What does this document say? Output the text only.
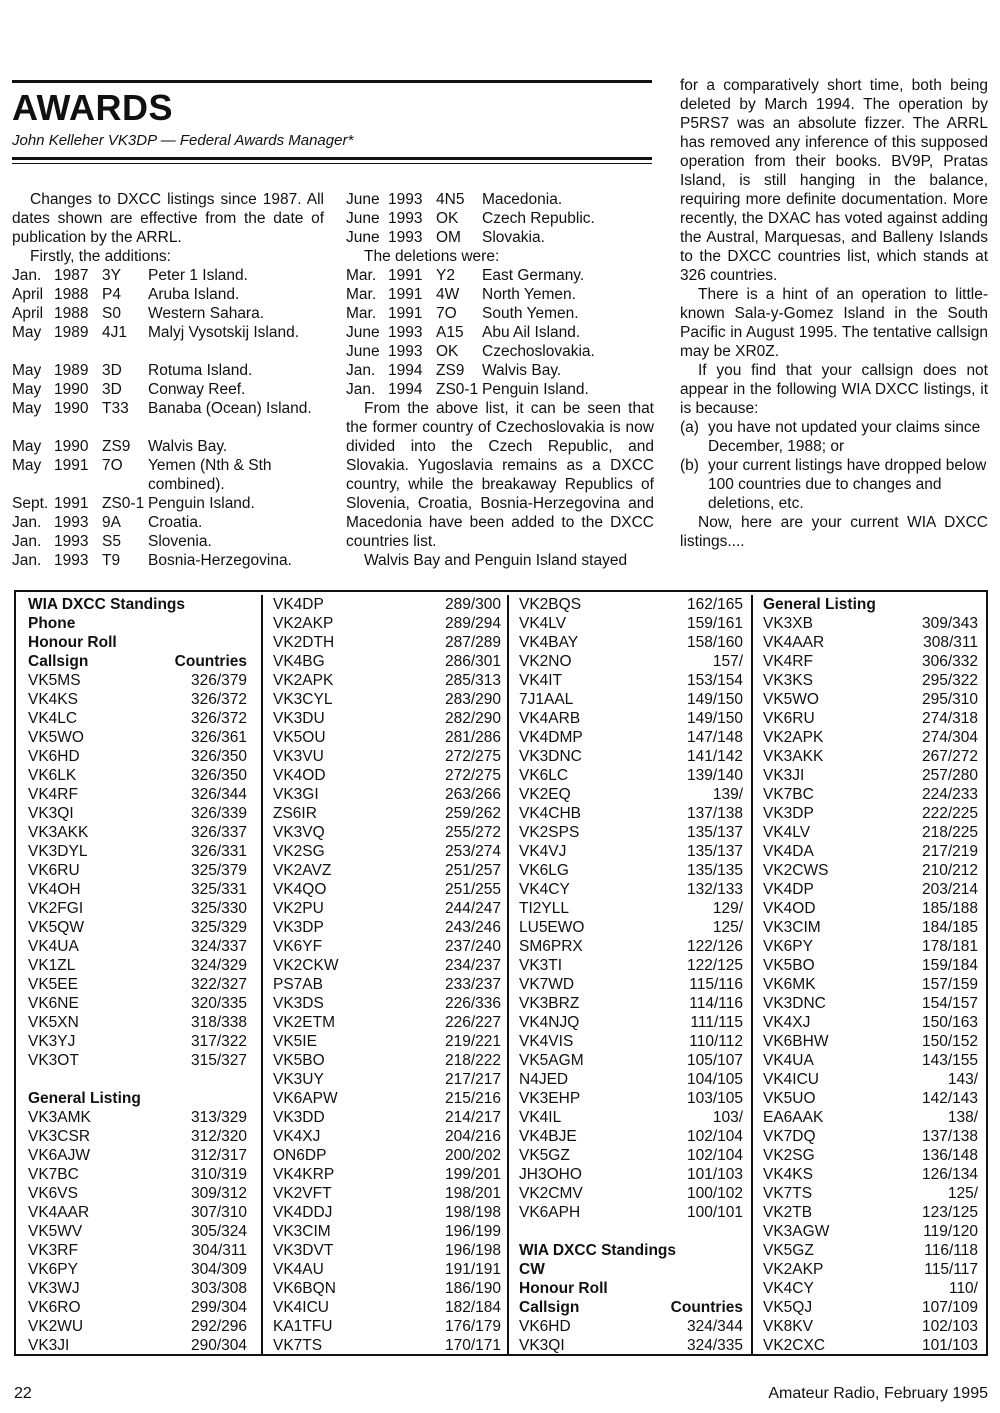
AWARDS
John Kelleher VK3DP — Federal Awards Manager*

Changes to DXCC listings since 1987. All dates shown are effective from the date of publication by the ARRL.

Firstly, the additions:

Jan. 1987 3Y Peter 1 Island.
April 1988 P4 Aruba Island.
April 1988 S0 Western Sahara.
May 1989 4J1 Malyj Vysotskij Island.
May 1989 3D Rotuma Island.
May 1990 3D Conway Reef.
May 1990 T33 Banaba (Ocean) Island.
May 1990 ZS9 Walvis Bay.
May 1991 7O Yemen (Nth & Sth combined).
Sept. 1991 ZS0-1 Penguin Island.
Jan. 1993 9A Croatia.
Jan. 1993 S5 Slovenia.
Jan. 1993 T9 Bosnia-Herzegovina.
June 1993 4N5 Macedonia.
June 1993 OK Czech Republic.
June 1993 OM Slovakia.

The deletions were:

Mar. 1991 Y2 East Germany.
Mar. 1991 4W North Yemen.
Mar. 1991 7O South Yemen.
June 1993 A15 Abu Ail Island.
June 1993 OK Czechoslovakia.
Jan. 1994 ZS9 Walvis Bay.
Jan. 1994 ZS0-1 Penguin Island.

From the above list, it can be seen that the former country of Czechoslovakia is now divided into the Czech Republic, and Slovakia. Yugoslavia remains as a DXCC country, while the breakaway Republics of Slovenia, Croatia, Bosnia-Herzegovina and Macedonia have been added to the DXCC countries list.

Walvis Bay and Penguin Island stayed

for a comparatively short time, both being deleted by March 1994. The operation by P5RS7 was an absolute fizzer. The ARRL has removed any inference of this supposed operation from their books. BV9P, Pratas Island, is still hanging in the balance, requiring more definite documentation. More recently, the DXAC has voted against adding the Austral, Marquesas, and Balleny Islands to the DXCC countries list, which stands at 326 countries.

There is a hint of an operation to little-known Sala-y-Gomez Island in the South Pacific in August 1995. The tentative callsign may be XR0Z.

If you find that your callsign does not appear in the following WIA DXCC listings, it is because:

(a) you have not updated your claims since December, 1988; or
(b) your current listings have dropped below 100 countries due to changes and deletions, etc.

Now, here are your current WIA DXCC listings....

WIA DXCC Standings
Phone
Honour Roll
Callsign	Countries
VK5MS	326/379
VK4KS	326/372
VK4LC	326/372
VK5WO	326/361
VK6HD	326/350
VK6LK	326/350
VK4RF	326/344
VK3QI	326/339
VK3AKK	326/337
VK3DYL	326/331
VK6RU	325/379
VK4OH	325/331
VK2FGI	325/330
VK5QW	325/329
VK4UA	324/337
VK1ZL	324/329
VK5EE	322/327
VK6NE	320/335
VK5XN	318/338
VK3YJ	317/322
VK3OT	315/327
General Listing
VK3AMK	313/329
VK3CSR	312/320
VK6AJW	312/317
VK7BC	310/319
VK6VS	309/312
VK4AAR	307/310
VK5WV	305/324
VK3RF	304/311
VK6PY	304/309
VK3WJ	303/308
VK6RO	299/304
VK2WU	292/296
VK3JI	290/304
VK4DP	289/300
VK2AKP	289/294
VK2DTH	287/289
VK4BG	286/301
VK2APK	285/313
VK3CYL	283/290
VK3DU	282/290
VK5OU	281/286
VK3VU	272/275
VK4OD	272/275
VK3GI	263/266
ZS6IR	259/262
VK3VQ	255/272
VK2SG	253/274
VK2AVZ	251/257
VK4QO	251/255
VK2PU	244/247
VK3DP	243/246
VK6YF	237/240
VK2CKW	234/237
PS7AB	233/237
VK3DS	226/336
VK2ETM	226/227
VK5IE	219/221
VK5BO	218/222
VK3UY	217/217
VK6APW	215/216
VK3DD	214/217
VK4XJ	204/216
ON6DP	200/202
VK4KRP	199/201
VK2VFT	198/201
VK4DDJ	198/198
VK3CIM	196/199
VK3DVT	196/198
VK4AU	191/191
VK6BQN	186/190
VK4ICU	182/184
KA1TFU	176/179
VK7TS	170/171
VK2BQS	162/165
VK4LV	159/161
VK4BAY	158/160
VK2NO	157/
VK4IT	153/154
7J1AAL	149/150
VK4ARB	149/150
VK4DMP	147/148
VK3DNC	141/142
VK6LC	139/140
VK2EQ	139/
VK4CHB	137/138
VK2SPS	135/137
VK4VJ	135/137
VK6LG	135/135
VK4CY	132/133
TI2YLL	129/
LU5EWO	125/
SM6PRX	122/126
VK3TI	122/125
VK7WD	115/116
VK3BRZ	114/116
VK4NJQ	111/115
VK4VIS	110/112
VK5AGM	105/107
N4JED	104/105
VK3EHP	103/105
VK4IL	103/
VK4BJE	102/104
VK5GZ	102/104
JH3OHO	101/103
VK2CMV	100/102
VK6APH	100/101
WIA DXCC Standings
CW
Honour Roll
Callsign	Countries
VK6HD	324/344
VK3QI	324/335
General Listing
VK3XB	309/343
VK4AAR	308/311
VK4RF	306/332
VK3KS	295/322
VK5WO	295/310
VK6RU	274/318
VK2APK	274/304
VK3AKK	267/272
VK3JI	257/280
VK7BC	224/233
VK3DP	222/225
VK4LV	218/225
VK4DA	217/219
VK2CWS	210/212
VK4DP	203/214
VK4OD	185/188
VK3CIM	184/185
VK6PY	178/181
VK5BO	159/184
VK6MK	157/159
VK3DNC	154/157
VK4XJ	150/163
VK6BHW	150/152
VK4UA	143/155
VK4ICU	143/
VK5UO	142/143
EA6AAK	138/
VK7DQ	137/138
VK2SG	136/148
VK4KS	126/134
VK7TS	125/
VK2TB	123/125
VK3AGW	119/120
VK5GZ	116/118
VK2AKP	115/117
VK4CY	110/
VK5QJ	107/109
VK8KV	102/103
VK2CXC	101/103
22	Amateur Radio, February 1995
